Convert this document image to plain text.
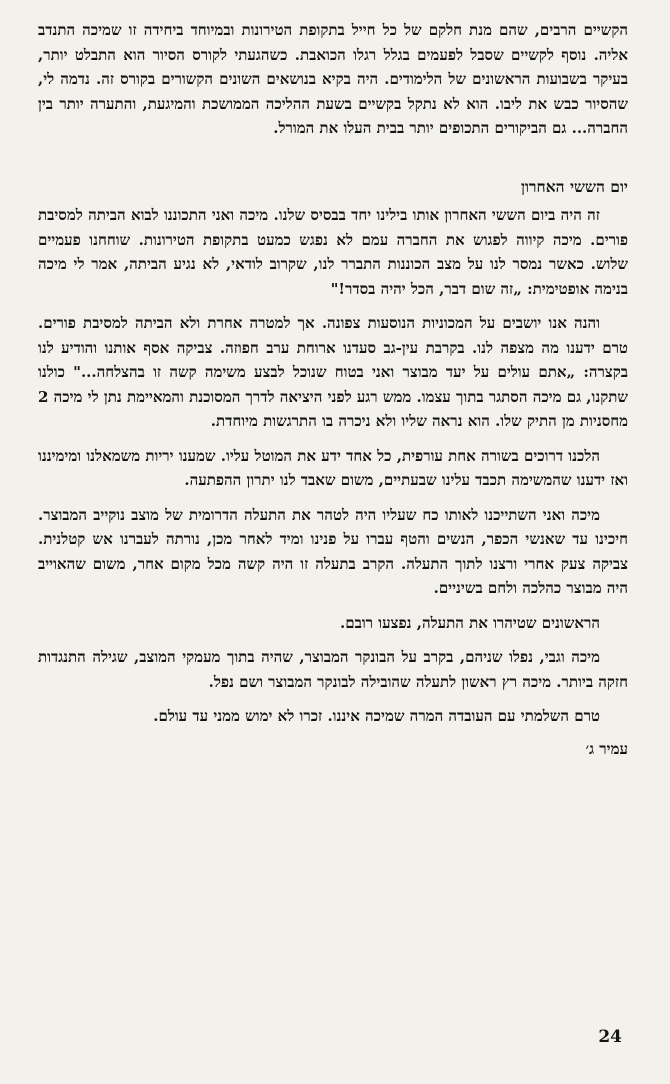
הקשיים הרבים, שהם מנת חלקם של כל חייל בתקופת הטירונות ובמיוחד ביחידה זו שמיכה התנדב אליה. נוסף לקשיים שסבל לפעמים בגלל רגלו הכואבת. כשהגעתי לקורס הסיור הוא התבלט יותר, בעיקר בשבועות הראשונים של הלימודים. היה בקיא בנושאים השונים הקשורים בקורס זה. נדמה לי, שהסיור כבש את ליבו. הוא לא נתקל בקשיים בשעת ההליכה הממושכת והמיגעת, והתערה יותר בין החברה... גם הביקורים התכופים יותר בבית העלו את המורל.

יום הששי האחרון

זה היה ביום הששי האחרון אותו בילינו יחד בבסיס שלנו. מיכה ואני התכוננו לבוא הביתה למסיבת פורים. מיכה קיווה לפגוש את החברה עמם לא נפגש כמעט בתקופת הטירונות. שוחחנו פעמיים שלוש. כאשר נמסר לנו על מצב הכוננות התברר לנו, שקרוב לודאי, לא נגיע הביתה, אמר לי מיכה בנימה אופטימית: „זה שום דבר, הכל יהיה בסדר!"

והנה אנו יושבים על המכוניות הנוסעות צפונה. אך למטרה אחרת ולא הביתה למסיבת פורים. טרם ידענו מה מצפה לנו. בקרבת עין-גב סעדנו ארוחת ערב חפוזה. צביקה אסף אותנו והודיע לנו בקצרה: „אתם עולים על יעד מבוצר ואני בטוח שנוכל לבצע משימה קשה זו בהצלחה..." כולנו שתקנו, גם מיכה הסתגר בתוך עצמו. ממש רגע לפני היציאה לדרך המסוכנת והמאיימת נתן לי מיכה 2 מחסניות מן התיק שלו. הוא נראה שליו ולא ניכרה בו התרגשות מיוחדת.

הלכנו דרוכים בשורה אחת עורפית, כל אחד ידע את המוטל עליו. שמענו יריות משמאלנו ומימיננו ואז ידענו שהמשימה תכבד עלינו שבעתיים, משום שאבד לנו יתרון ההפתעה.

מיכה ואני השתייכנו לאותו כח שעליו היה לטהר את התעלה הדרומית של מוצב נוקייב המבוצר. חיכינו עד שאנשי הכפר, הנשים והטף עברו על פנינו ומיד לאחר מכן, נורתה לעברנו אש קטלנית. צביקה צעק אחרי ורצנו לתוך התעלה. הקרב בתעלה זו היה קשה מכל מקום אחר, משום שהאוייב היה מבוצר כהלכה ולחם בשיניים.

הראשונים שטיהרו את התעלה, נפצעו רובם.

מיכה וגבי, נפלו שניהם, בקרב על הבונקר המבוצר, שהיה בתוך מעמקי המוצב, שגילה התנגדות חזקה ביותר. מיכה רץ ראשון לתעלה שהובילה לבונקר המבוצר ושם נפל.

טרם השלמתי עם העובדה המרה שמיכה איננו. זכרו לא ימוש ממני עד עולם.

עמיר ג׳

24
